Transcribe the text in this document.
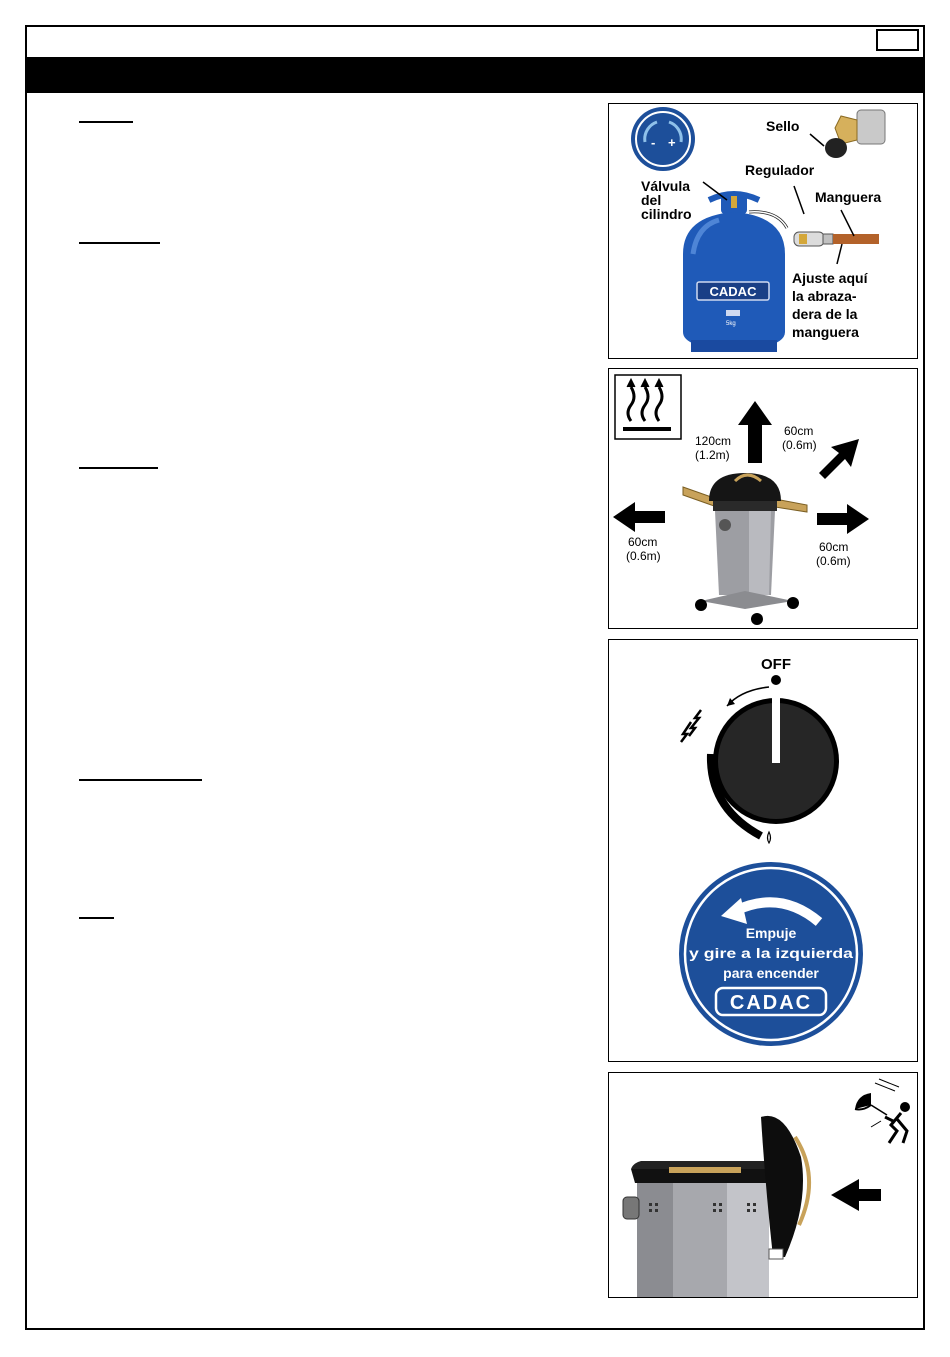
- +
Sello
CADAC
5kg
Regulador
Válvula
del
cilindro
Manguera
Ajuste aquí
la abraza-
dera de la
manguera
120cm
(1.2m)
60cm
(0.6m)
60cm
(0.6m)
60cm
(0.6m)
OFF
Empuje
y gire a la izquierda
para encender
CADAC
